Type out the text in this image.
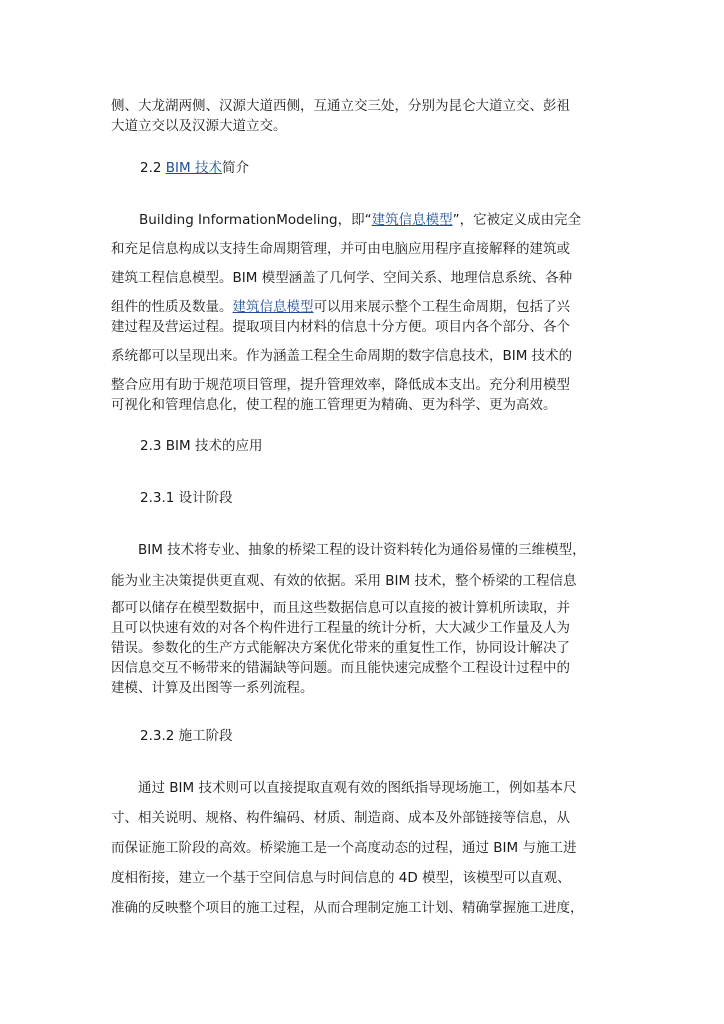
侧、大龙湖两侧、汉源大道西侧，互通立交三处，分别为昆仑大道立交、彭祖
大道立交以及汉源大道立交。
2.2 BIM 技术简介
Building InformationModeling，即“建筑信息模型”，它被定义成由完全
和充足信息构成以支持生命周期管理，并可由电脑应用程序直接解释的建筑或
建筑工程信息模型。BIM 模型涵盖了几何学、空间关系、地理信息系统、各种
组件的性质及数量。建筑信息模型可以用来展示整个工程生命周期，包括了兴
建过程及营运过程。提取项目内材料的信息十分方便。项目内各个部分、各个
系统都可以呈现出来。作为涵盖工程全生命周期的数字信息技术，BIM 技术的
整合应用有助于规范项目管理，提升管理效率，降低成本支出。充分利用模型
可视化和管理信息化，使工程的施工管理更为精确、更为科学、更为高效。
2.3 BIM 技术的应用
2.3.1 设计阶段
　　BIM 技术将专业、抽象的桥梁工程的设计资料转化为通俗易懂的三维模型，
能为业主决策提供更直观、有效的依据。采用 BIM 技术，整个桥梁的工程信息
都可以储存在模型数据中，而且这些数据信息可以直接的被计算机所读取，并
且可以快速有效的对各个构件进行工程量的统计分析，大大减少工作量及人为
错误。参数化的生产方式能解决方案优化带来的重复性工作，协同设计解决了
因信息交互不畅带来的错漏缺等问题。而且能快速完成整个工程设计过程中的
建模、计算及出图等一系列流程。
2.3.2 施工阶段
　　通过 BIM 技术则可以直接提取直观有效的图纸指导现场施工，例如基本尺
寸、相关说明、规格、构件编码、材质、制造商、成本及外部链接等信息，从
而保证施工阶段的高效。桥梁施工是一个高度动态的过程，通过 BIM 与施工进
度相衔接，建立一个基于空间信息与时间信息的 4D 模型，该模型可以直观、
准确的反映整个项目的施工过程，从而合理制定施工计划、精确掌握施工进度，
